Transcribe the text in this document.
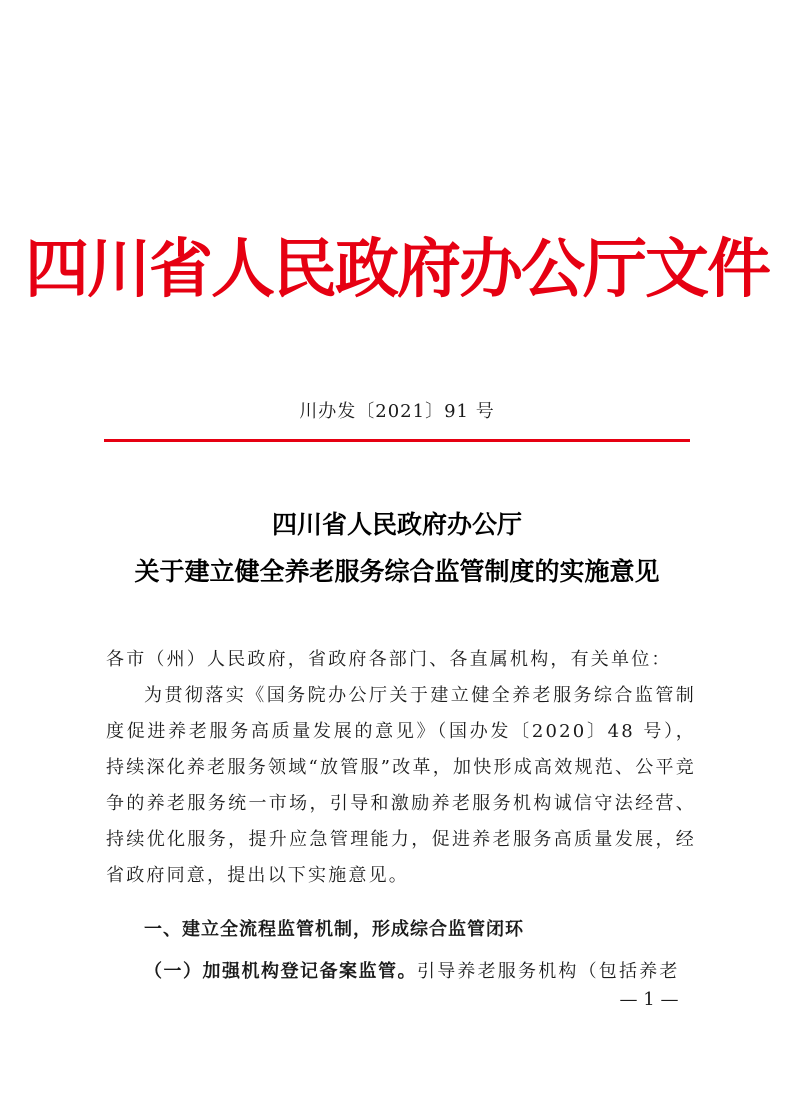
四川省人民政府办公厅文件
川办发〔2021〕91 号
四川省人民政府办公厅
关于建立健全养老服务综合监管制度的实施意见
各市（州）人民政府，省政府各部门、各直属机构，有关单位：
为贯彻落实《国务院办公厅关于建立健全养老服务综合监管制度促进养老服务高质量发展的意见》（国办发〔2020〕48 号），持续深化养老服务领域“放管服”改革，加快形成高效规范、公平竞争的养老服务统一市场，引导和激励养老服务机构诚信守法经营、持续优化服务，提升应急管理能力，促进养老服务高质量发展，经省政府同意，提出以下实施意见。
一、建立全流程监管机制，形成综合监管闭环
（一）加强机构登记备案监管。引导养老服务机构（包括养老
— 1 —
